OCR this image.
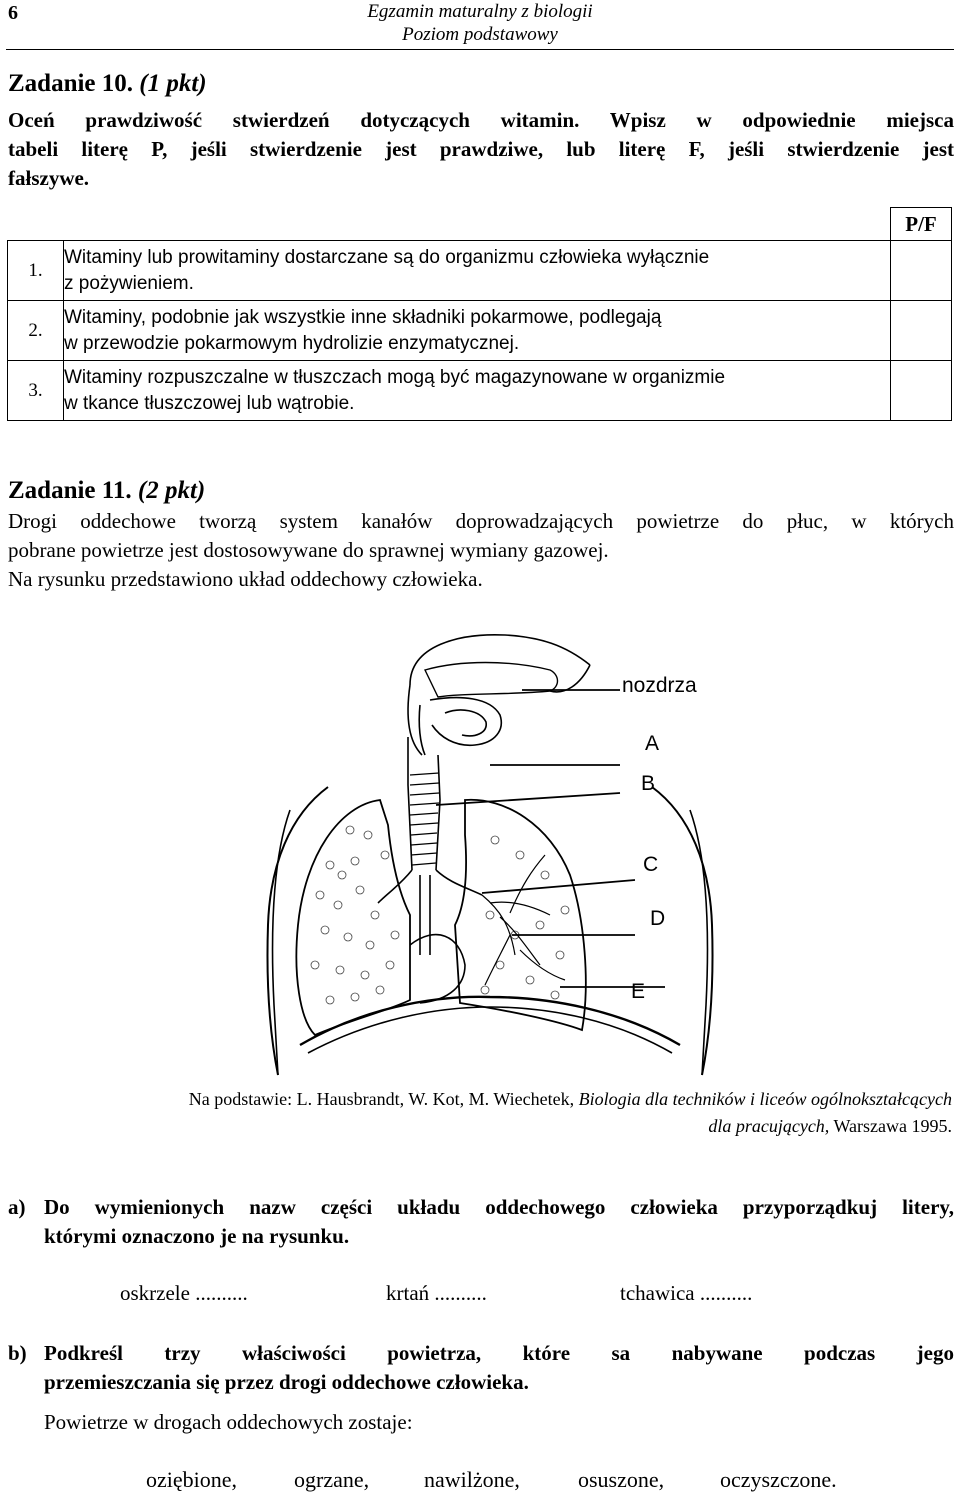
6	Egzamin maturalny z biologii
Poziom podstawowy
Zadanie 10. (1 pkt)
Oceń prawdziwość stwierdzeń dotyczących witamin. Wpisz w odpowiednie miejsca
tabeli literę P, jeśli stwierdzenie jest prawdziwe, lub literę F, jeśli stwierdzenie jest
fałszywe.
		P/F
1.	Witaminy lub prowitaminy dostarczane są do organizmu człowieka wyłącznie
z pożywieniem.	

2.	Witaminy, podobnie jak wszystkie inne składniki pokarmowe, podlegają
w przewodzie pokarmowym hydrolizie enzymatycznej.	

3.	Witaminy rozpuszczalne w tłuszczach mogą być magazynowane w organizmie
w tkance tłuszczowej lub wątrobie.	

Zadanie 11. (2 pkt)
Drogi oddechowe tworzą system kanałów doprowadzających powietrze do płuc, w których
pobrane powietrze jest dostosowywane do sprawnej wymiany gazowej.
Na rysunku przedstawiono układ oddechowy człowieka.
nozdrza
A
B
C
D
E
Na podstawie: L. Hausbrandt, W. Kot, M. Wiechetek, Biologia dla techników i liceów ogólnokształcących
dla pracujących, Warszawa 1995.
a) Do wymienionych nazw części układu oddechowego człowieka przyporządkuj litery,
którymi oznaczono je na rysunku.
oskrzele ..........	krtań ..........	tchawica ..........
b) Podkreśl trzy właściwości powietrza, które sa nabywane podczas jego
przemieszczania się przez drogi oddechowe człowieka.
Powietrze w drogach oddechowych zostaje:
oziębione,	ogrzane, nawilżone,	osuszone,	oczyszczone.
